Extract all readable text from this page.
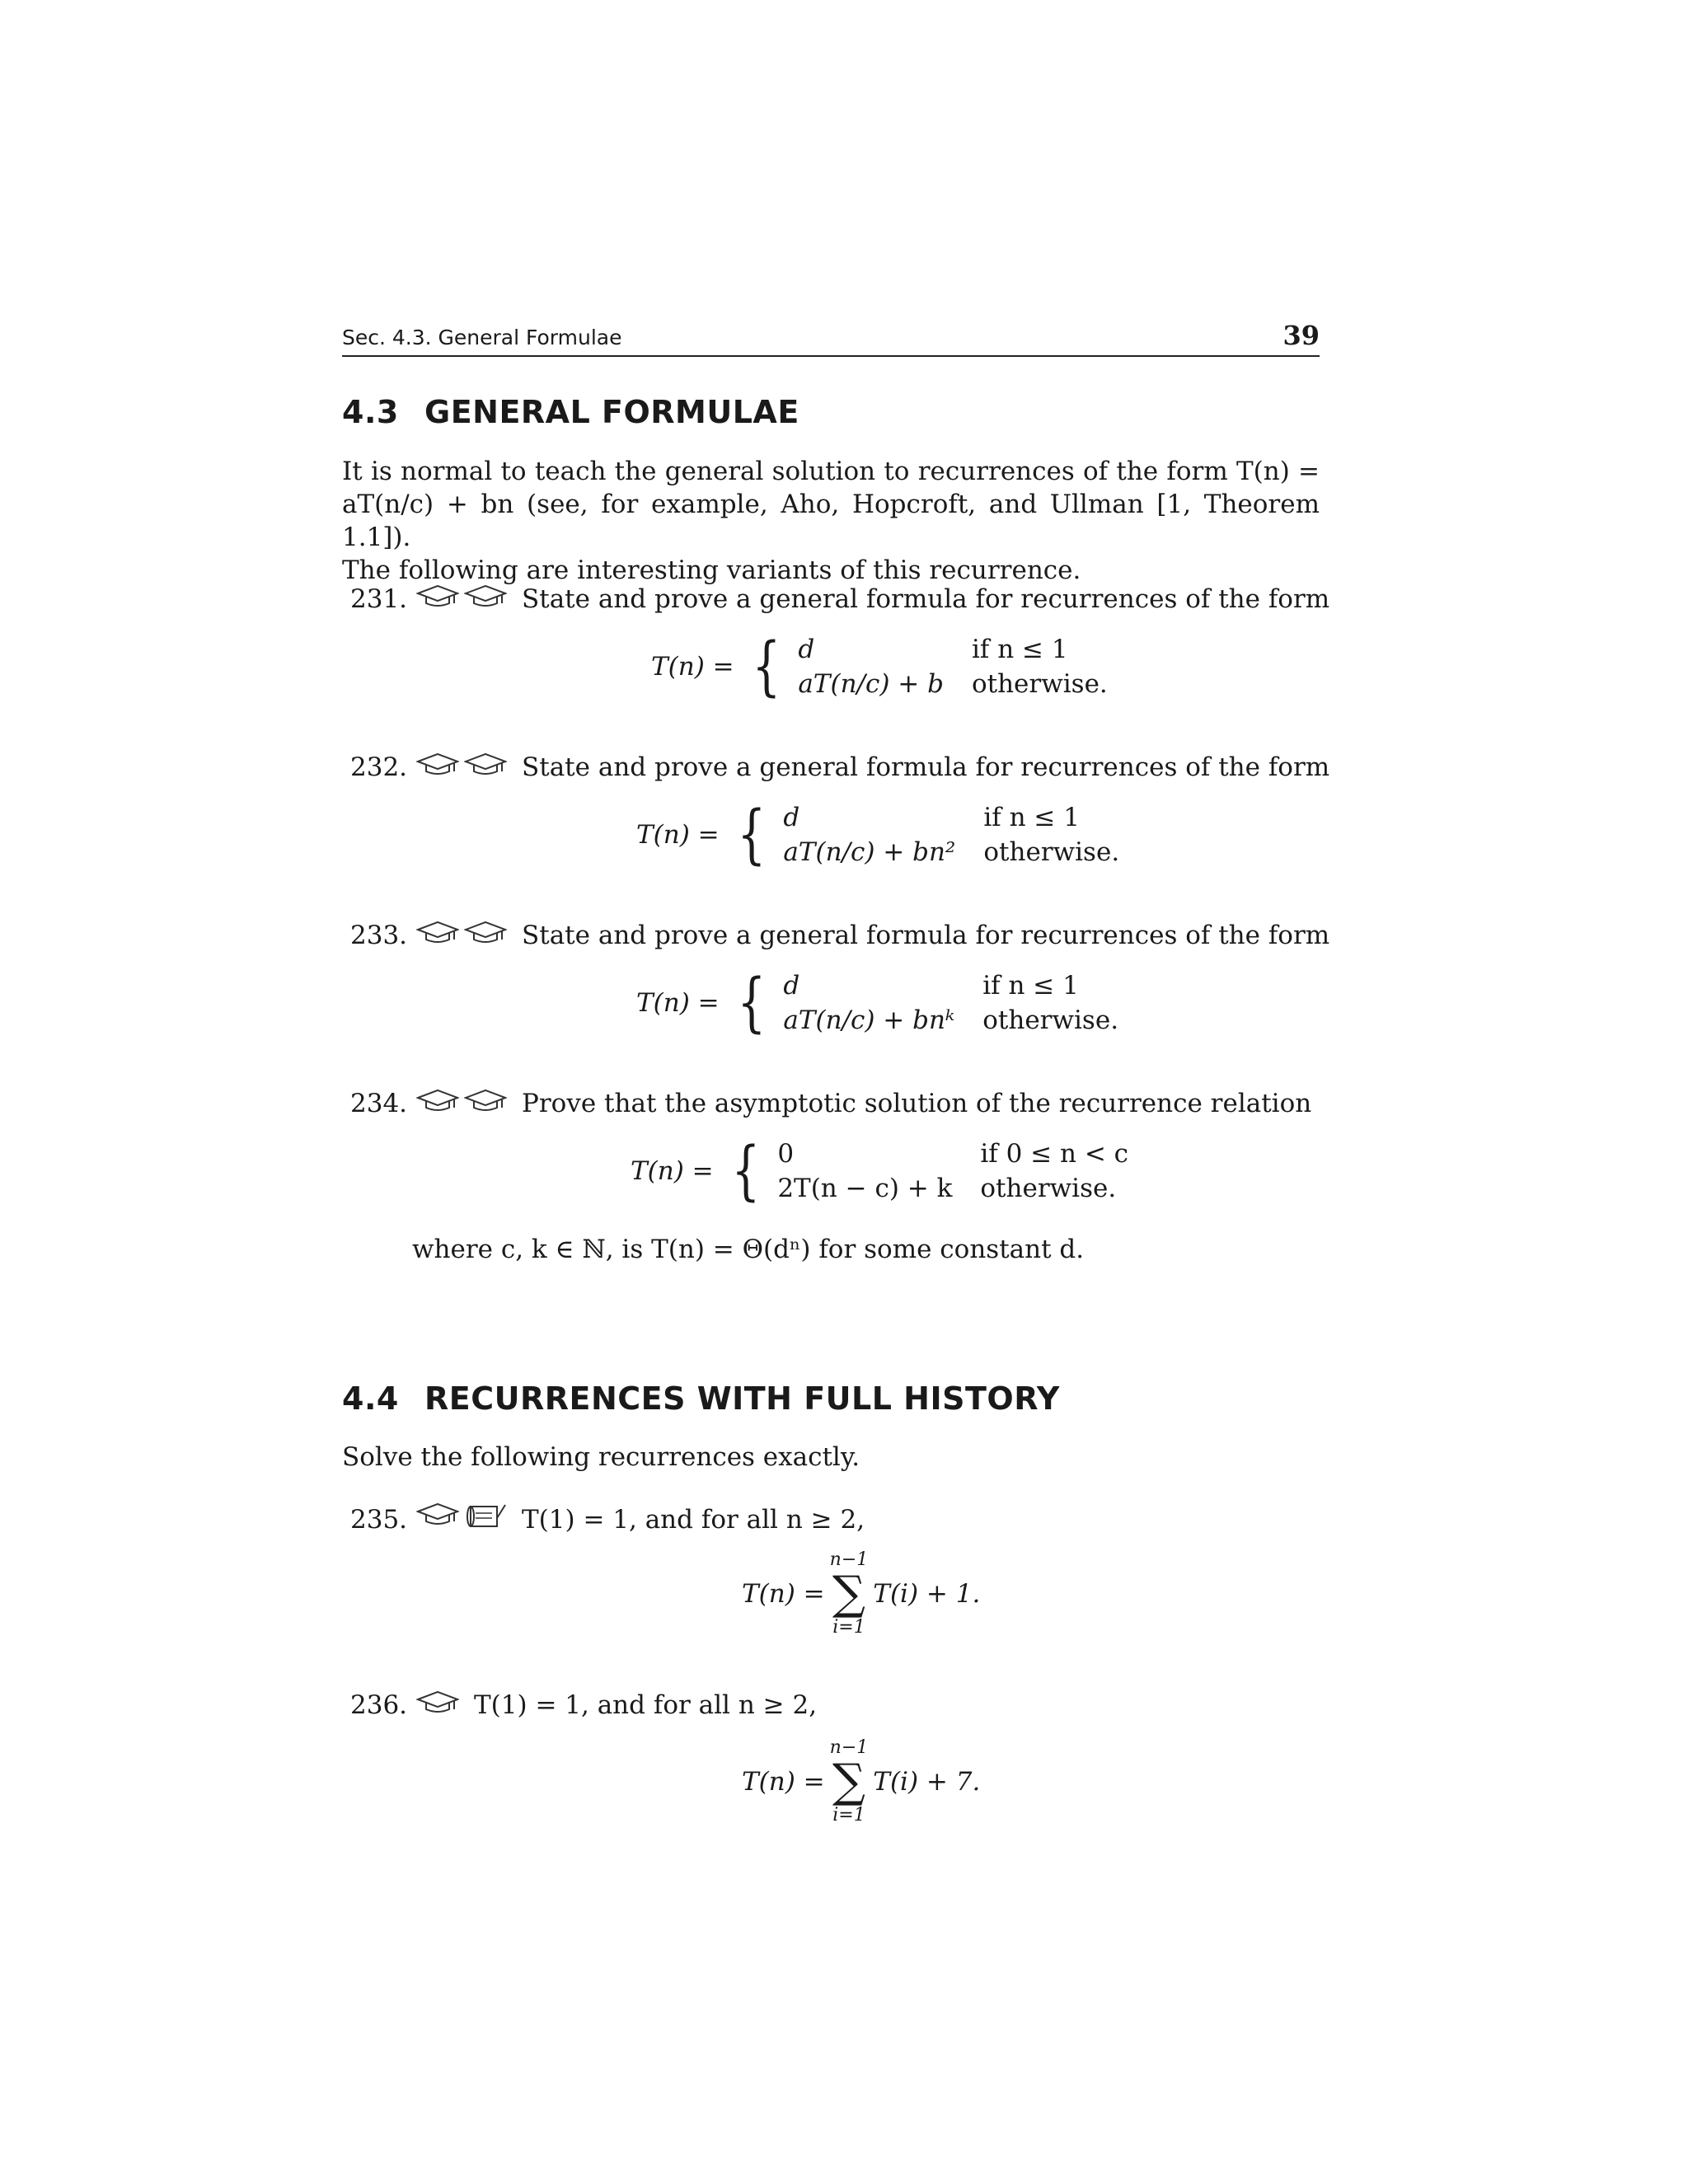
Sec. 4.3. General Formulae	39
4.3 GENERAL FORMULAE
It is normal to teach the general solution to recurrences of the form T(n) =
aT(n/c) + bn (see, for example, Aho, Hopcroft, and Ullman [1, Theorem 1.1]).
The following are interesting variants of this recurrence.
231.	State and prove a general formula for recurrences of the form
T(n) = { d	if n ≤ 1
aT(n/c) + b otherwise.
232.	State and prove a general formula for recurrences of the form
T(n) = { d	if n ≤ 1
aT(n/c) + bn² otherwise.
233.	State and prove a general formula for recurrences of the form
T(n) = { d	if n ≤ 1
aT(n/c) + bnᵏ otherwise.
234.	Prove that the asymptotic solution of the recurrence relation
T(n) = { 0	if 0 ≤ n < c
2T(n − c) + k otherwise.
where c, k ∈ ℕ, is T(n) = Θ(dⁿ) for some constant d.
4.4 RECURRENCES WITH FULL HISTORY
Solve the following recurrences exactly.
235.	T(1) = 1, and for all n ≥ 2,
T(n) =
n−1
∑
i=1
T(i) + 1.
236.	T(1) = 1, and for all n ≥ 2,
T(n) =
n−1
∑
i=1
T(i) + 7.
